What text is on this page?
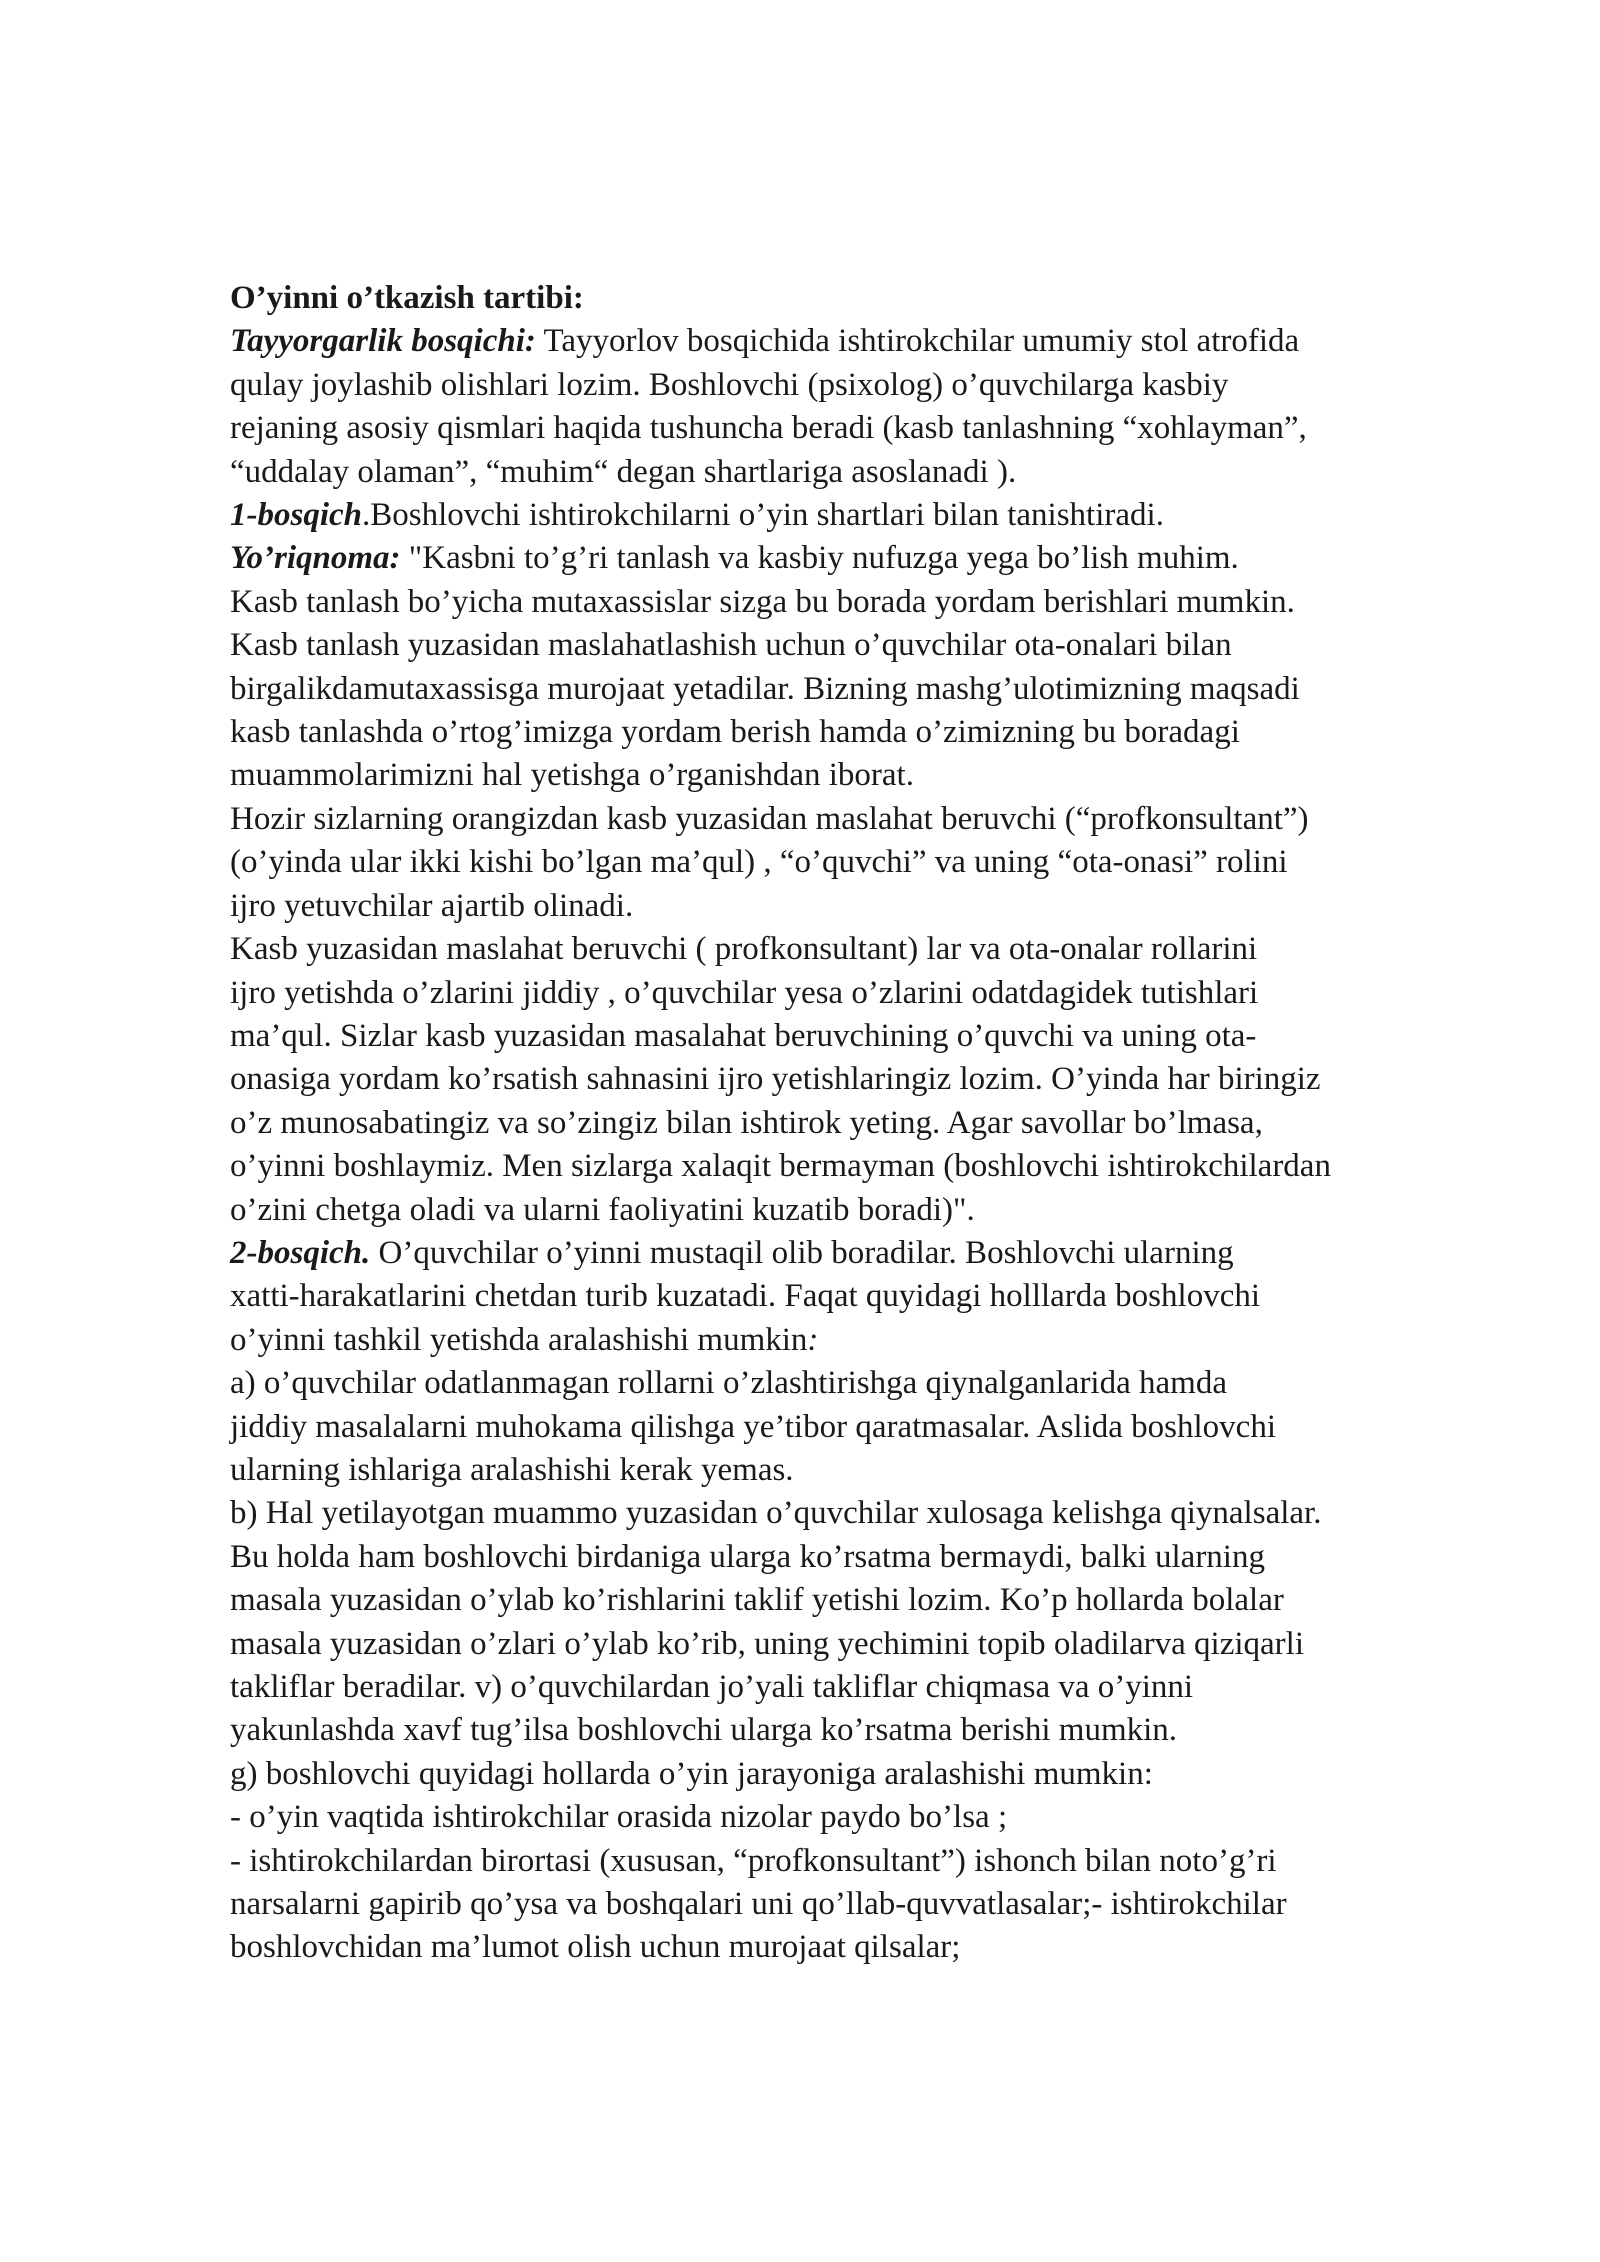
O’yinni o’tkazish tartibi:
Tayyorgarlik bosqichi: Tayyorlov bosqichida ishtirokchilar umumiy stol atrofida
qulay joylashib olishlari lozim. Boshlovchi (psixolog) o’quvchilarga kasbiy
rejaning asosiy qismlari haqida tushuncha beradi (kasb tanlashning “xohlayman”,
“uddalay olaman”, “muhim“ degan shartlariga asoslanadi ).
1-bosqich.Boshlovchi ishtirokchilarni o’yin shartlari bilan tanishtiradi.
Yo’riqnoma: "Kasbni to’g’ri tanlash va kasbiy nufuzga yega bo’lish muhim.
Kasb tanlash bo’yicha mutaxassislar sizga bu borada yordam berishlari mumkin.
Kasb tanlash yuzasidan maslahatlashish uchun o’quvchilar ota-onalari bilan
birgalikdamutaxassisga murojaat yetadilar. Bizning mashg’ulotimizning maqsadi
kasb tanlashda o’rtog’imizga yordam berish hamda o’zimizning bu boradagi
muammolarimizni hal yetishga o’rganishdan iborat.
Hozir sizlarning orangizdan kasb yuzasidan maslahat beruvchi (“profkonsultant”)
(o’yinda ular ikki kishi bo’lgan ma’qul) , “o’quvchi” va uning “ota-onasi” rolini
ijro yetuvchilar ajartib olinadi.
Kasb yuzasidan maslahat beruvchi ( profkonsultant) lar va ota-onalar rollarini
ijro yetishda o’zlarini jiddiy , o’quvchilar yesa o’zlarini odatdagidek tutishlari
ma’qul. Sizlar kasb yuzasidan masalahat beruvchining o’quvchi va uning ota-
onasiga yordam ko’rsatish sahnasini ijro yetishlaringiz lozim. O’yinda har biringiz
o’z munosabatingiz va so’zingiz bilan ishtirok yeting. Agar savollar bo’lmasa,
o’yinni boshlaymiz. Men sizlarga xalaqit bermayman (boshlovchi ishtirokchilardan
o’zini chetga oladi va ularni faoliyatini kuzatib boradi)".
2-bosqich. O’quvchilar o’yinni mustaqil olib boradilar. Boshlovchi ularning
xatti-harakatlarini chetdan turib kuzatadi. Faqat quyidagi holllarda boshlovchi
o’yinni tashkil yetishda aralashishi mumkin:
a) o’quvchilar odatlanmagan rollarni o’zlashtirishga qiynalganlarida hamda
jiddiy masalalarni muhokama qilishga ye’tibor qaratmasalar. Aslida boshlovchi
ularning ishlariga aralashishi kerak yemas.
b) Hal yetilayotgan muammo yuzasidan o’quvchilar xulosaga kelishga qiynalsalar.
Bu holda ham boshlovchi birdaniga ularga ko’rsatma bermaydi, balki ularning
masala yuzasidan o’ylab ko’rishlarini taklif yetishi lozim. Ko’p hollarda bolalar
masala yuzasidan o’zlari o’ylab ko’rib, uning yechimini topib oladilarva qiziqarli
takliflar beradilar. v) o’quvchilardan jo’yali takliflar chiqmasa va o’yinni
yakunlashda xavf tug’ilsa boshlovchi ularga ko’rsatma berishi mumkin.
g) boshlovchi quyidagi hollarda o’yin jarayoniga aralashishi mumkin:
- o’yin vaqtida ishtirokchilar orasida nizolar paydo bo’lsa ;
- ishtirokchilardan birortasi (xususan, “profkonsultant”) ishonch bilan noto’g’ri
narsalarni gapirib qo’ysa va boshqalari uni qo’llab-quvvatlasalar;- ishtirokchilar
boshlovchidan ma’lumot olish uchun murojaat qilsalar;
